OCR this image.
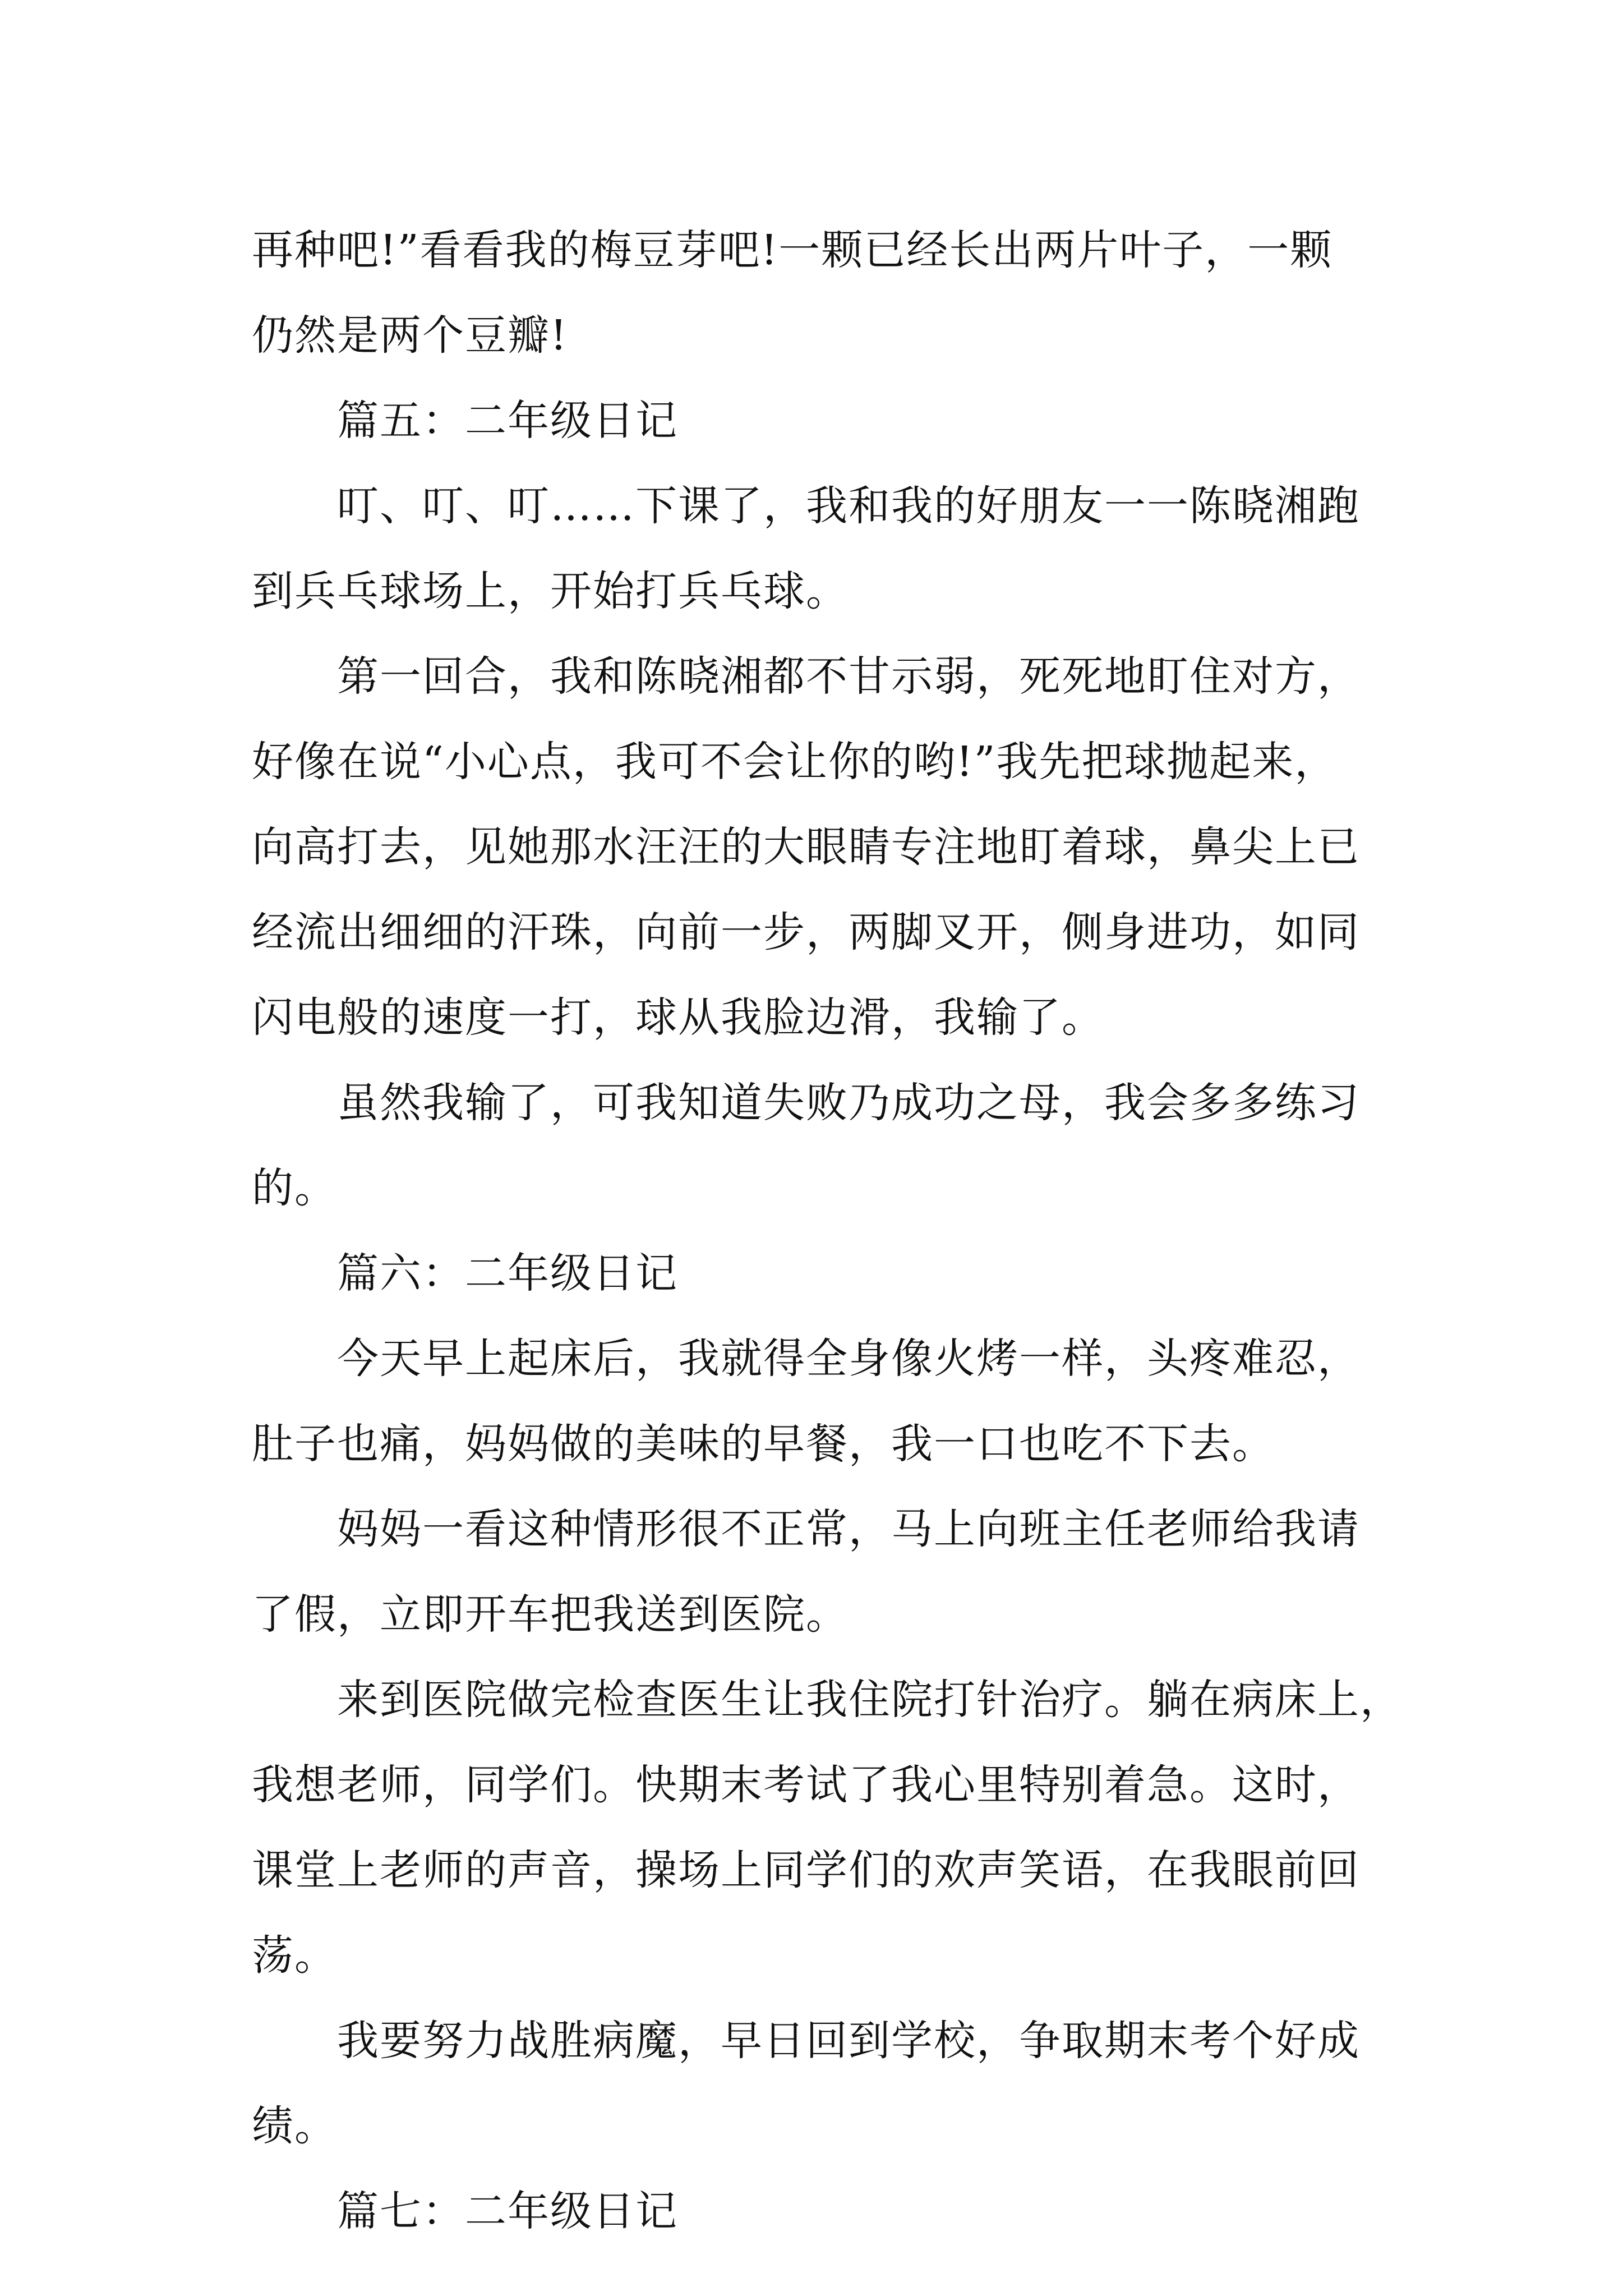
再种吧!”看看我的梅豆芽吧!一颗已经长出两片叶子，一颗
仍然是两个豆瓣!
篇五：二年级日记
叮、叮、叮……下课了，我和我的好朋友一一陈晓湘跑
到兵乓球场上，开始打兵乓球。
第一回合，我和陈晓湘都不甘示弱，死死地盯住对方，
好像在说“小心点，我可不会让你的哟!”我先把球抛起来，
向高打去，见她那水汪汪的大眼睛专注地盯着球，鼻尖上已
经流出细细的汗珠，向前一步，两脚叉开，侧身进功，如同
闪电般的速度一打，球从我脸边滑，我输了。
虽然我输了，可我知道失败乃成功之母，我会多多练习
的。
篇六：二年级日记
今天早上起床后，我就得全身像火烤一样，头疼难忍，
肚子也痛，妈妈做的美味的早餐，我一口也吃不下去。
妈妈一看这种情形很不正常，马上向班主任老师给我请
了假，立即开车把我送到医院。
来到医院做完检查医生让我住院打针治疗。躺在病床上，
我想老师，同学们。快期末考试了我心里特别着急。这时，
课堂上老师的声音，操场上同学们的欢声笑语，在我眼前回
荡。
我要努力战胜病魔，早日回到学校，争取期末考个好成
绩。
篇七：二年级日记
